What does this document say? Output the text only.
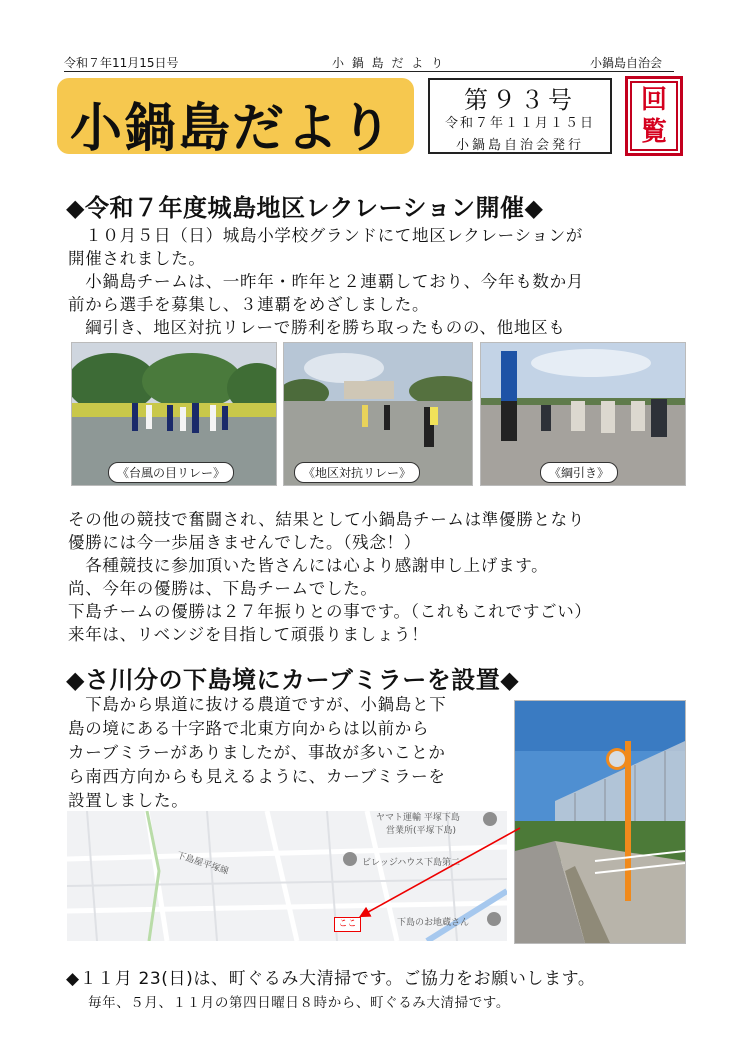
令和７年11月15日号	小 鍋 島 だ よ り	小鍋島自治会
小鍋島だより	第９３号
令和７年１１月１５日
小鍋島自治会発行
回覧
◆令和７年度城島地区レクレーション開催◆
　１０月５日（日）城島小学校グランドにて地区レクレーションが
開催されました。
　小鍋島チームは、一昨年・昨年と２連覇しており、今年も数か月
前から選手を募集し、３連覇をめざしました。
　綱引き、地区対抗リレーで勝利を勝ち取ったものの、他地区も
《台風の目リレー》	《地区対抗リレー》	《綱引き》
その他の競技で奮闘され、結果として小鍋島チームは準優勝となり
優勝には今一歩届きませんでした。（残念！）
　各種競技に参加頂いた皆さんには心より感謝申し上げます。
尚、今年の優勝は、下島チームでした。
下島チームの優勝は２７年振りとの事です。（これもこれですごい）
来年は、リベンジを目指して頑張りましょう！
◆さ川分の下島境にカーブミラーを設置◆
　下島から県道に抜ける農道ですが、小鍋島と下
島の境にある十字路で北東方向からは以前から
カーブミラーがありましたが、事故が多いことか
ら南西方向からも見えるように、カーブミラーを
設置しました。
ヤマト運輸 平塚下島
営業所(平塚下島)
ビレッジハウス下島第二
下島のお地蔵さん
下島屋平塚線
ここ
◆１１月 23(日)は、町ぐるみ大清掃です。ご協力をお願いします。
毎年、５月、１１月の第四日曜日８時から、町ぐるみ大清掃です。
